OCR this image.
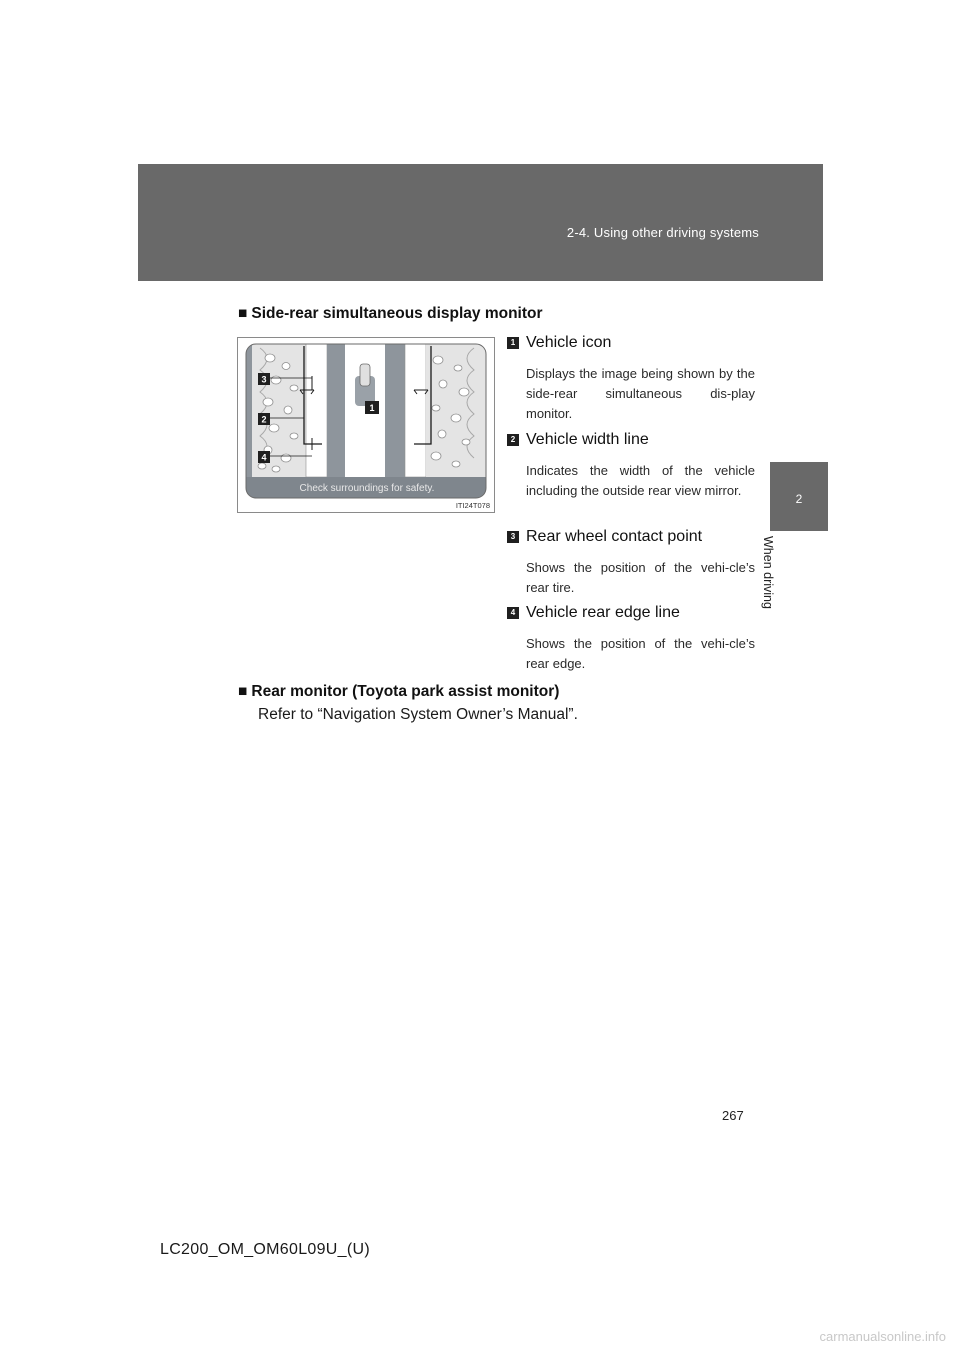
2-4. Using other driving systems
2
When driving
■ Side-rear simultaneous display monitor
Check surroundings for safety.
3
2
4
1
ITI24T078
1 Vehicle icon
Displays the image being shown by the side-rear simultaneous dis-play monitor.
2 Vehicle width line
Indicates the width of the vehicle including the outside rear view mirror.
3 Rear wheel contact point
Shows the position of the vehi-cle’s rear tire.
4 Vehicle rear edge line
Shows the position of the vehi-cle’s rear edge.
■ Rear monitor (Toyota park assist monitor)
Refer to “Navigation System Owner’s Manual”.
267
LC200_OM_OM60L09U_(U)
carmanualsonline.info
